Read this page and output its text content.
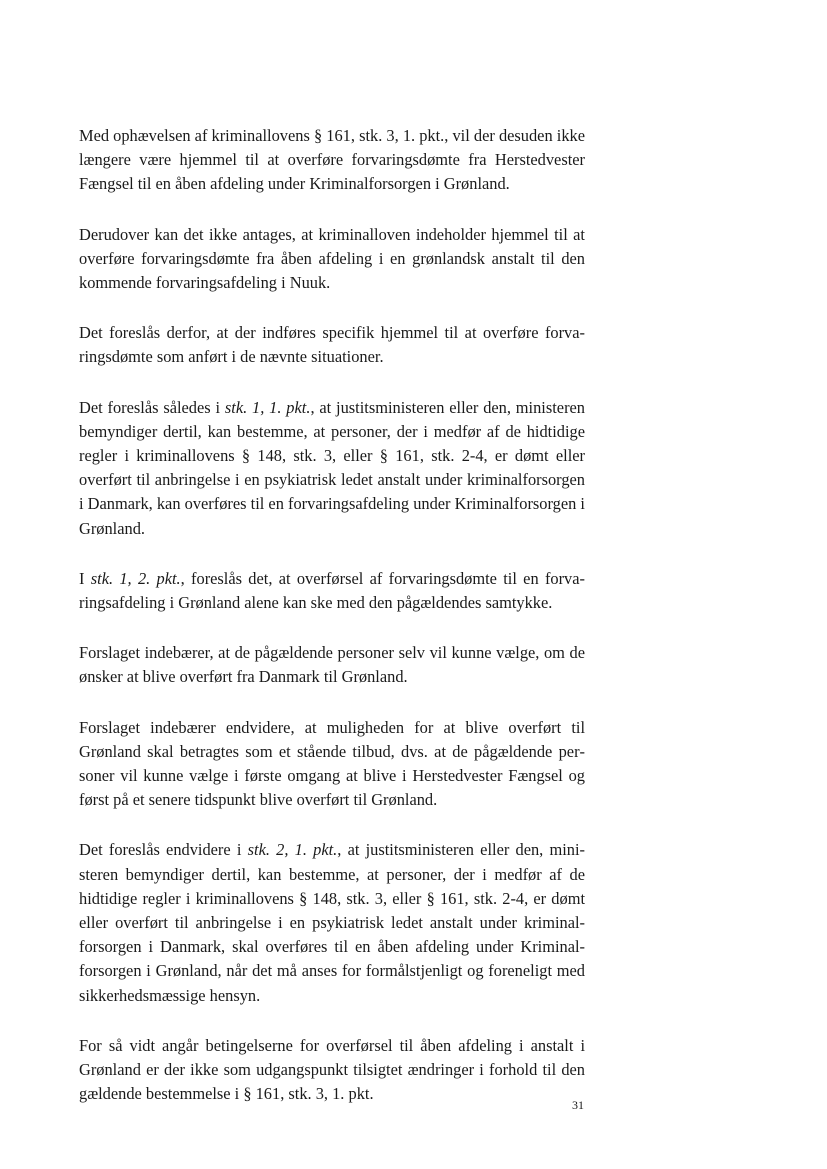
Med ophævelsen af kriminallovens § 161, stk. 3, 1. pkt., vil der desuden ikke længere være hjemmel til at overføre forvaringsdømte fra Herstedvester Fængsel til en åben afdeling under Kriminalforsorgen i Grønland.

Derudover kan det ikke antages, at kriminalloven indeholder hjemmel til at overføre forvaringsdømte fra åben afdeling i en grønlandsk anstalt til den kommende forvaringsafdeling i Nuuk.

Det foreslås derfor, at der indføres specifik hjemmel til at overføre forvaringsdømte som anført i de nævnte situationer.

Det foreslås således i stk. 1, 1. pkt., at justitsministeren eller den, ministeren bemyndiger dertil, kan bestemme, at personer, der i medfør af de hidtidige regler i kriminallovens § 148, stk. 3, eller § 161, stk. 2-4, er dømt eller overført til anbringelse i en psykiatrisk ledet anstalt under kriminalforsorgen i Danmark, kan overføres til en forvaringsafdeling under Kriminalforsorgen i Grønland.

I stk. 1, 2. pkt., foreslås det, at overførsel af forvaringsdømte til en forvaringsafdeling i Grønland alene kan ske med den pågældendes samtykke.

Forslaget indebærer, at de pågældende personer selv vil kunne vælge, om de ønsker at blive overført fra Danmark til Grønland.

Forslaget indebærer endvidere, at muligheden for at blive overført til Grønland skal betragtes som et stående tilbud, dvs. at de pågældende personer vil kunne vælge i første omgang at blive i Herstedvester Fængsel og først på et senere tidspunkt blive overført til Grønland.

Det foreslås endvidere i stk. 2, 1. pkt., at justitsministeren eller den, ministeren bemyndiger dertil, kan bestemme, at personer, der i medfør af de hidtidige regler i kriminallovens § 148, stk. 3, eller § 161, stk. 2-4, er dømt eller overført til anbringelse i en psykiatrisk ledet anstalt under kriminalforsorgen i Danmark, skal overføres til en åben afdeling under Kriminalforsorgen i Grønland, når det må anses for formålstjenligt og foreneligt med sikkerhedsmæssige hensyn.

For så vidt angår betingelserne for overførsel til åben afdeling i anstalt i Grønland er der ikke som udgangspunkt tilsigtet ændringer i forhold til den gældende bestemmelse i § 161, stk. 3, 1. pkt.

31
